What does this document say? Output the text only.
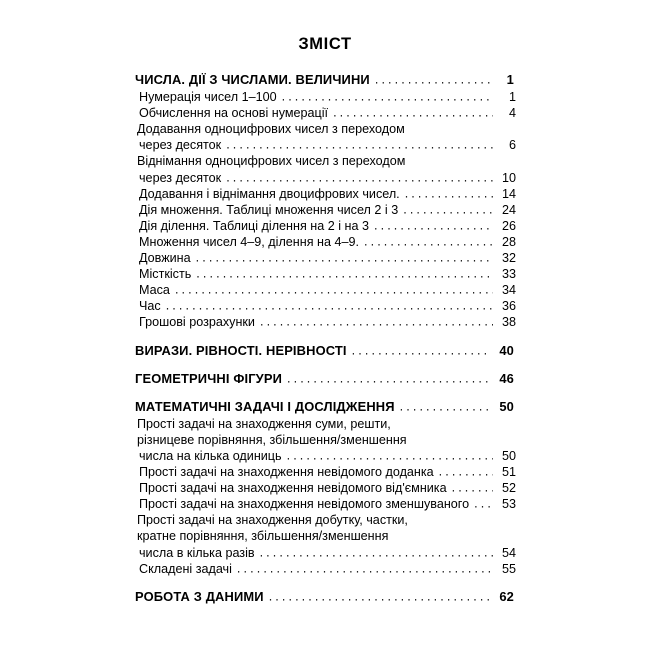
ЗМІСТ
ЧИСЛА. ДІЇ З ЧИСЛАМИ. ВЕЛИЧИНИ .....	1
Нумерація чисел 1–100 .....	1
Обчислення на основі нумерації .....	4
Додавання одноцифрових чисел з переходом
через десяток .....	6
Віднімання одноцифрових чисел з переходом
через десяток .....	10
Додавання і віднімання двоцифрових чисел. .....	14
Дія множення. Таблиці множення чисел 2 і 3 .....	24
Дія ділення. Таблиці ділення на 2 і на 3 .....	26
Множення чисел 4–9, ділення на 4–9. .....	28
Довжина .....	32
Місткість .....	33
Маса .....	34
Час .....	36
Грошові розрахунки .....	38
ВИРАЗИ. РІВНОСТІ. НЕРІВНОСТІ .....	40
ГЕОМЕТРИЧНІ ФІГУРИ .....	46
МАТЕМАТИЧНІ ЗАДАЧІ І ДОСЛІДЖЕННЯ .....	50
Прості задачі на знаходження суми, решти,
різницеве порівняння, збільшення/зменшення
числа на кілька одиниць .....	50
Прості задачі на знаходження невідомого доданка .....	51
Прості задачі на знаходження невідомого від'ємника .....	52
Прості задачі на знаходження невідомого зменшуваного .....	53
Прості задачі на знаходження добутку, частки,
кратне порівняння, збільшення/зменшення
числа в кілька разів .....	54
Складені задачі .....	55
РОБОТА З ДАНИМИ .....	62
